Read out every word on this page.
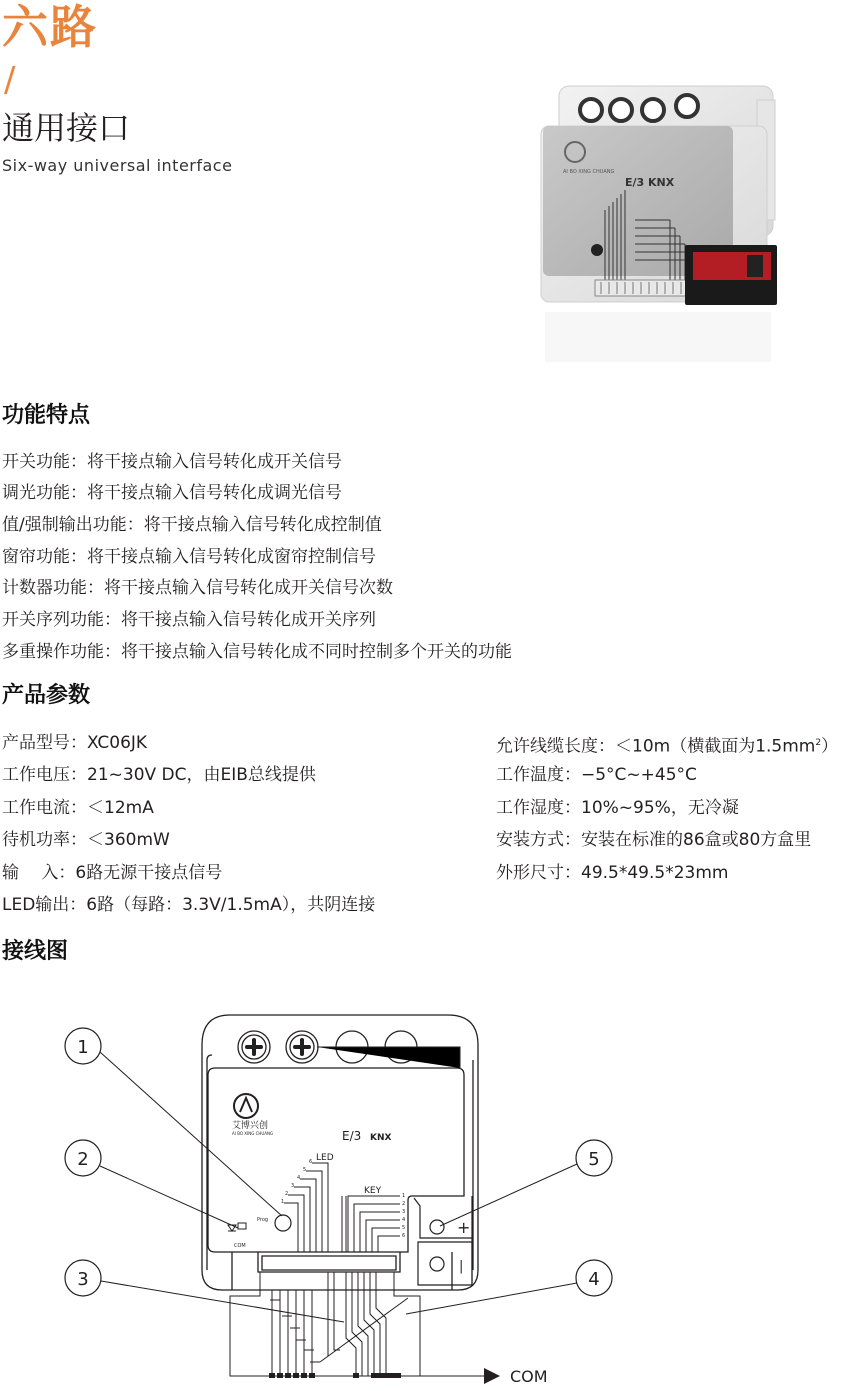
六路
/
通用接口
Six-way universal interface	AI BO XING CHUANG
E/3 KNX
功能特点
开关功能：将干接点输入信号转化成开关信号
调光功能：将干接点输入信号转化成调光信号
值/强制输出功能：将干接点输入信号转化成控制值
窗帘功能：将干接点输入信号转化成窗帘控制信号
计数器功能：将干接点输入信号转化成开关信号次数
开关序列功能：将干接点输入信号转化成开关序列
多重操作功能：将干接点输入信号转化成不同时控制多个开关的功能
产品参数
产品型号：XC06JK
工作电压：21~30V DC，由EIB总线提供
工作电流：＜12mA
待机功率：＜360mW
输　 入：6路无源干接点信号
LED输出：6路（每路：3.3V/1.5mA），共阴连接
允许线缆长度：＜10m（横截面为$1.5mm^2$）
工作温度：−5°C~+45°C
工作湿度：10%~95%，无冷凝
安装方式：安装在标准的86盒或80方盒里
外形尺寸：49.5*49.5*23mm
接线图
艾博兴创
AI BO XING CHUANG	E/3 KNX
LED
KEY
6
5
4
3
2
1
1
2
3
4
5
6
Prog
COM
+
|
COM
1
2
3	4
5
